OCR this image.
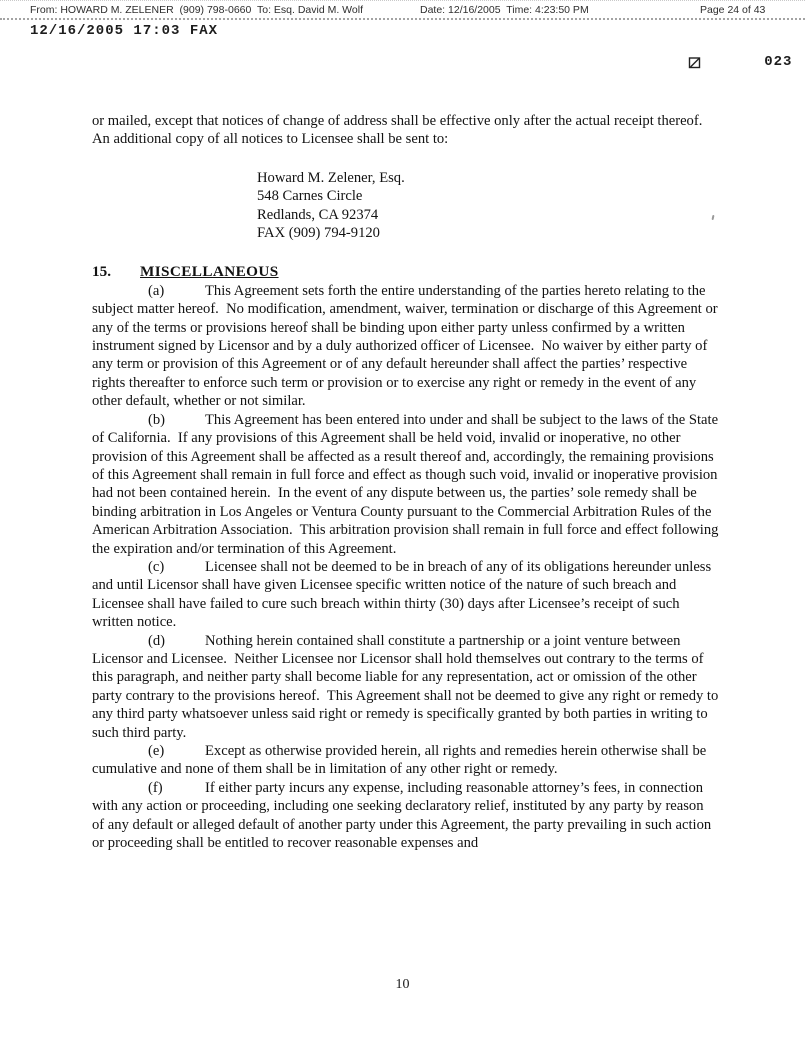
From: HOWARD M. ZELENER  (909) 798-0660  To: Esq. David M. Wolf

	Date: 12/16/2005  Time: 4:23:50 PM

	Page 24 of 43

12/16/2005 17:03 FAX

023

or mailed, except that notices of change of address shall be effective only after the actual receipt thereof.  An additional copy of all notices to Licensee shall be sent to:

Howard M. Zelener, Esq.
548 Carnes Circle
Redlands, CA 92374
FAX (909) 794-9120
15. MISCELLANEOUS

(a)	This Agreement sets forth the entire understanding of the parties hereto relating to the subject matter hereof.  No modification, amendment, waiver, termination or discharge of this Agreement or any of the terms or provisions hereof shall be binding upon either party unless confirmed by a written instrument signed by Licensor and by a duly authorized officer of Licensee.  No waiver by either party of any term or provision of this Agreement or of any default hereunder shall affect the parties’ respective rights thereafter to enforce such term or provision or to exercise any right or remedy in the event of any other default, whether or not similar.

(b)	This Agreement has been entered into under and shall be subject to the laws of the State of California.  If any provisions of this Agreement shall be held void, invalid or inoperative, no other provision of this Agreement shall be affected as a result thereof and, accordingly, the remaining provisions of this Agreement shall remain in full force and effect as though such void, invalid or inoperative provision had not been contained herein.  In the event of any dispute between us, the parties’ sole remedy shall be binding arbitration in Los Angeles or Ventura County pursuant to the Commercial Arbitration Rules of the American Arbitration Association.  This arbitration provision shall remain in full force and effect following the expiration and/or termination of this Agreement.

(c)	Licensee shall not be deemed to be in breach of any of its obligations hereunder unless and until Licensor shall have given Licensee specific written notice of the nature of such breach and Licensee shall have failed to cure such breach within thirty (30) days after Licensee’s receipt of such written notice.

(d)	Nothing herein contained shall constitute a partnership or a joint venture between Licensor and Licensee.  Neither Licensee nor Licensor shall hold themselves out contrary to the terms of this paragraph, and neither party shall become liable for any representation, act or omission of the other party contrary to the provisions hereof.  This Agreement shall not be deemed to give any right or remedy to any third party whatsoever unless said right or remedy is specifically granted by both parties in writing to such third party.

(e)	Except as otherwise provided herein, all rights and remedies herein otherwise shall be cumulative and none of them shall be in limitation of any other right or remedy.

(f)	If either party incurs any expense, including reasonable attorney’s fees, in connection with any action or proceeding, including one seeking declaratory relief, instituted by any party by reason of any default or alleged default of another party under this Agreement, the party prevailing in such action or proceeding shall be entitled to recover reasonable expenses and

10
